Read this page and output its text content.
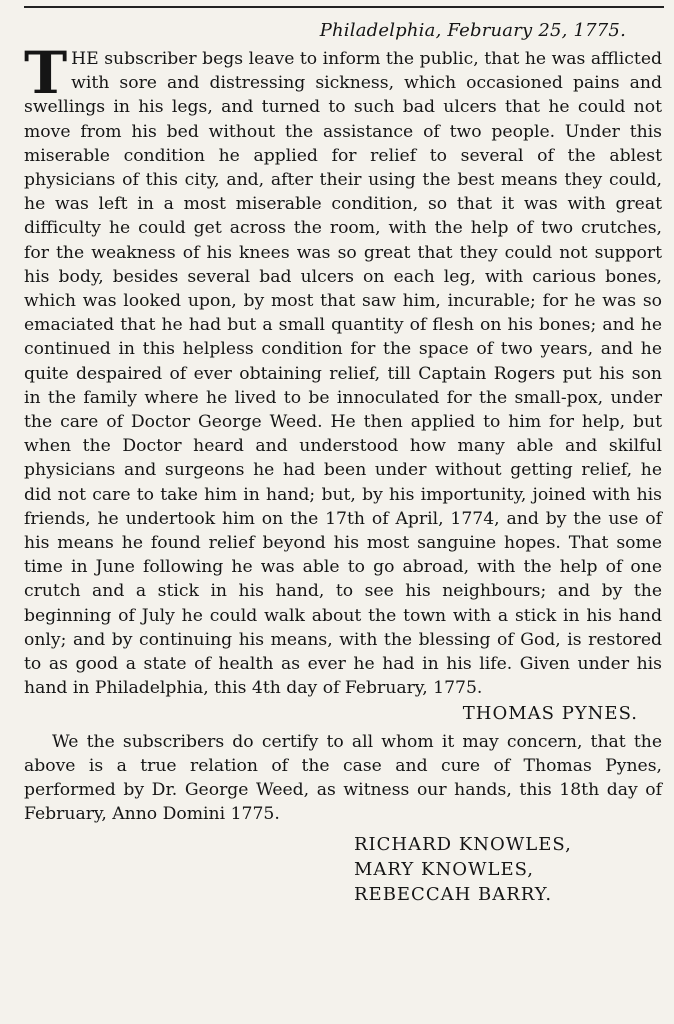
Philadelphia, February 25, 1775.

THE subscriber begs leave to inform the public, that he was afflicted with sore and distressing sickness, which occasioned pains and swellings in his legs, and turned to such bad ulcers that he could not move from his bed without the assistance of two people. Under this miserable condition he applied for relief to several of the ablest physicians of this city, and, after their using the best means they could, he was left in a most miserable condition, so that it was with great difficulty he could get across the room, with the help of two crutches, for the weakness of his knees was so great that they could not support his body, besides several bad ulcers on each leg, with carious bones, which was looked upon, by most that saw him, incurable; for he was so emaciated that he had but a small quantity of flesh on his bones; and he continued in this helpless condition for the space of two years, and he quite despaired of ever obtaining relief, till Captain Rogers put his son in the family where he lived to be innoculated for the small-pox, under the care of Doctor George Weed. He then applied to him for help, but when the Doctor heard and understood how many able and skilful physicians and surgeons he had been under without getting relief, he did not care to take him in hand; but, by his importunity, joined with his friends, he undertook him on the 17th of April, 1774, and by the use of his means he found relief beyond his most sanguine hopes. That some time in June following he was able to go abroad, with the help of one crutch and a stick in his hand, to see his neighbours; and by the beginning of July he could walk about the town with a stick in his hand only; and by continuing his means, with the blessing of God, is restored to as good a state of health as ever he had in his life. Given under his hand in Philadelphia, this 4th day of February, 1775.

THOMAS PYNES.

We the subscribers do certify to all whom it may concern, that the above is a true relation of the case and cure of Thomas Pynes, performed by Dr. George Weed, as witness our hands, this 18th day of February, Anno Domini 1775.

RICHARD KNOWLES,
MARY KNOWLES,
REBECCAH BARRY.
